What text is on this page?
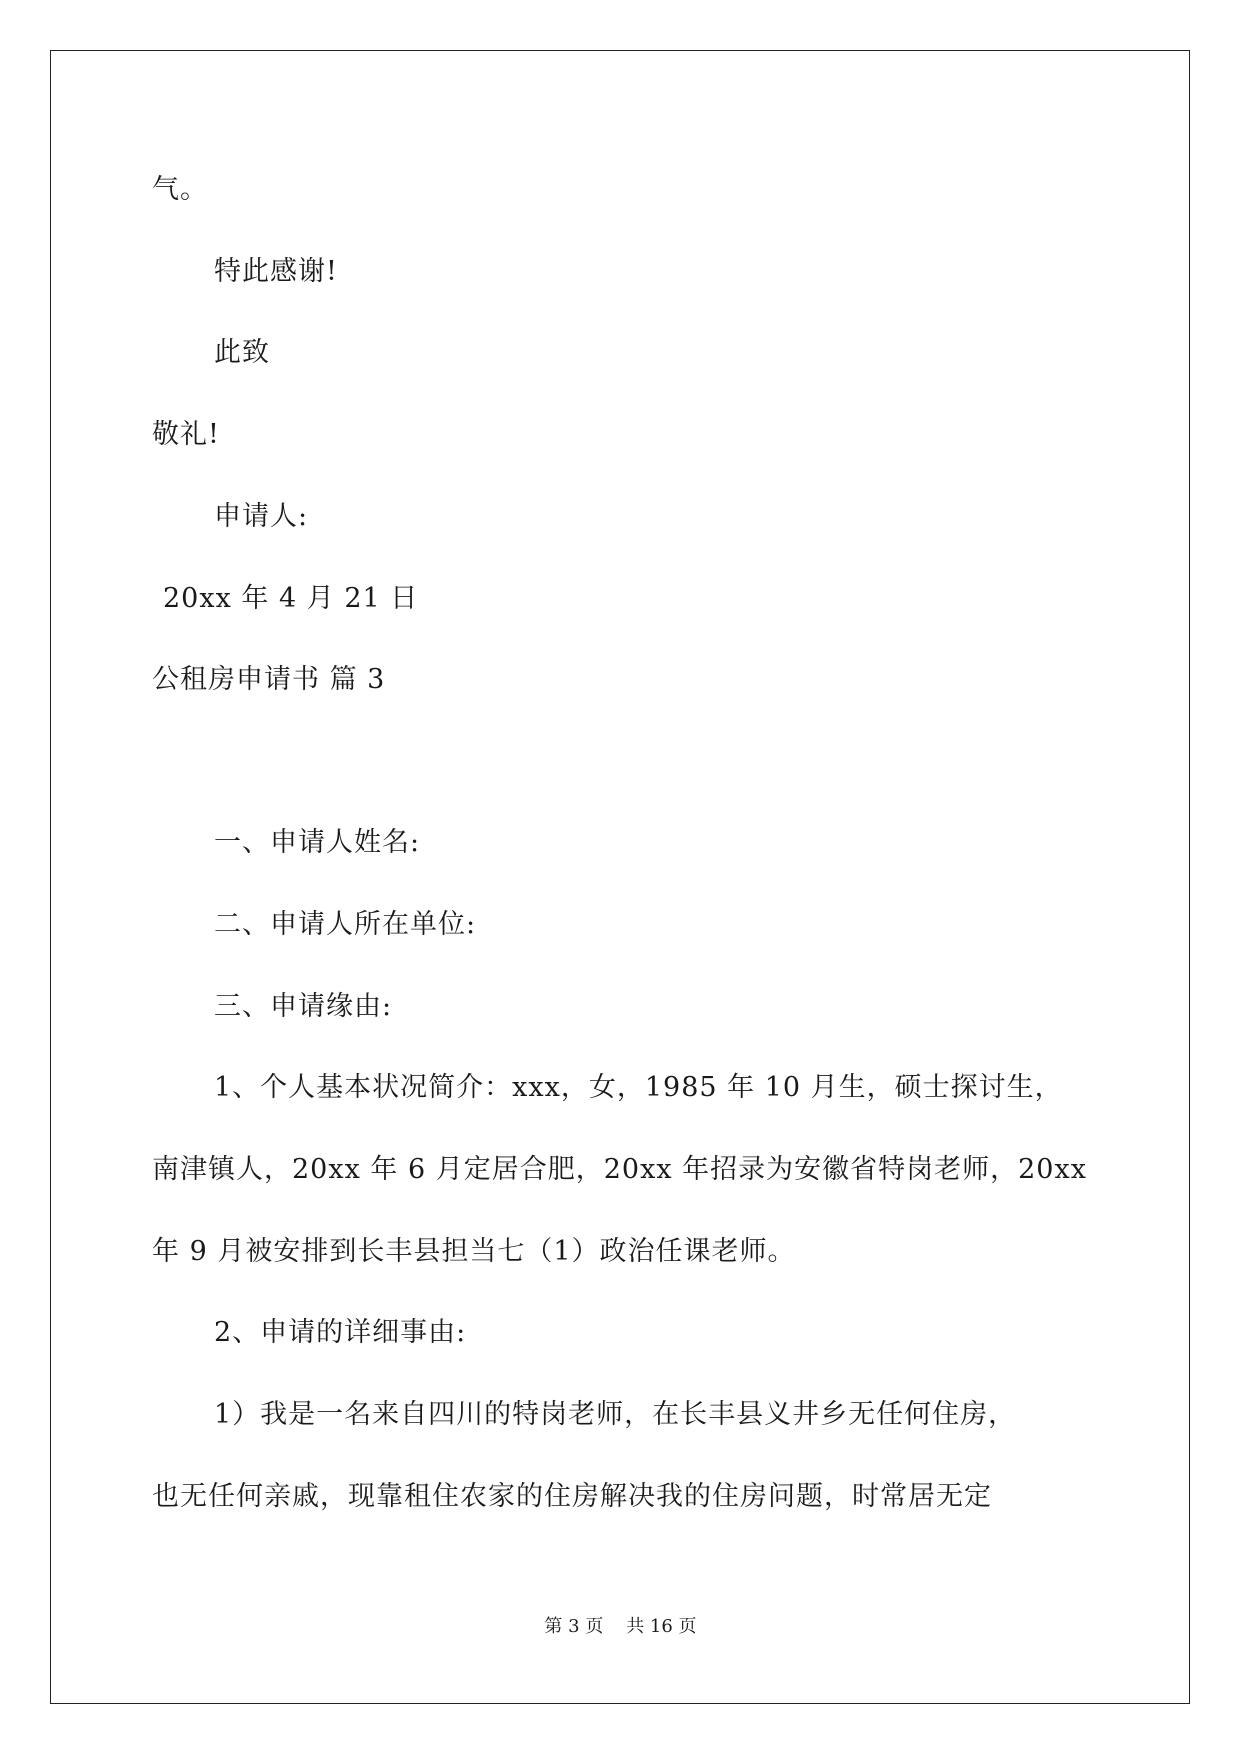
气。
特此感谢!
此致
敬礼!
申请人:
20xx 年 4 月 21 日
公租房申请书 篇 3
一、申请人姓名:
二、申请人所在单位:
三、申请缘由:
1、个人基本状况简介：xxx，女，1985 年 10 月生，硕士探讨生，
南津镇人，20xx 年 6 月定居合肥，20xx 年招录为安徽省特岗老师，20xx
年 9 月被安排到长丰县担当七（1）政治任课老师。
2、申请的详细事由:
1）我是一名来自四川的特岗老师，在长丰县义井乡无任何住房，
也无任何亲戚，现靠租住农家的住房解决我的住房问题，时常居无定
第 3 页    共 16 页
